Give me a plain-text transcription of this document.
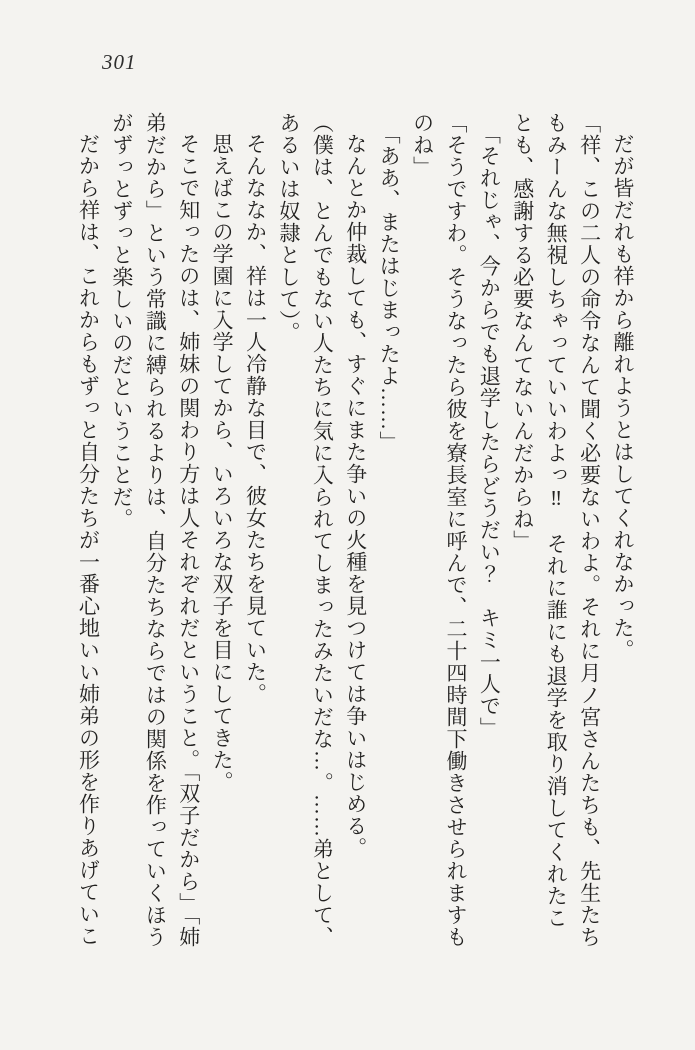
301

だが皆だれも祥から離れようとはしてくれなかった。

「祥、この二人の命令なんて聞く必要ないわよ。それに月ノ宮さんたちも、先生たちもみーんな無視しちゃっていいわよっ‼　それに誰にも退学を取り消してくれたことも、感謝する必要なんてないんだからね」

「それじゃ、今からでも退学したらどうだい？　キミ一人で」

「そうですわ。そうなったら彼を寮長室に呼んで、二十四時間下働きさせられますものね」

「ああ、またはじまったよ……」

なんとか仲裁しても、すぐにまた争いの火種を見つけては争いはじめる。

（僕は、とんでもない人たちに気に入られてしまったみたいだな…。……弟として、あるいは奴隷として）。

そんななか、祥は一人冷静な目で、彼女たちを見ていた。

思えばこの学園に入学してから、いろいろな双子を目にしてきた。

そこで知ったのは、姉妹の関わり方は人それぞれだということ。「双子だから」「姉弟だから」という常識に縛られるよりは、自分たちならではの関係を作っていくほうがずっとずっと楽しいのだということだ。

だから祥は、これからもずっと自分たちが一番心地いい姉弟の形を作りあげていこ
